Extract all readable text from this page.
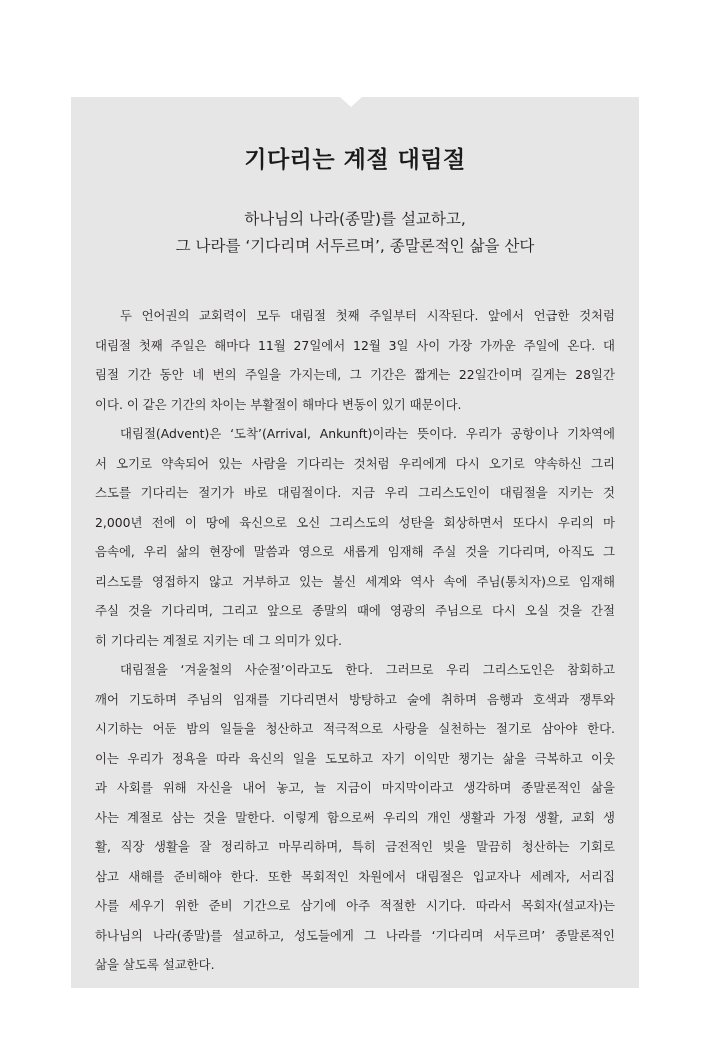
기다리는 계절 대림절
하나님의 나라(종말)를 설교하고,
그 나라를 ‘기다리며 서두르며’, 종말론적인 삶을 산다
두 언어권의 교회력이 모두 대림절 첫째 주일부터 시작된다. 앞에서 언급한 것처럼
대림절 첫째 주일은 해마다 11월 27일에서 12월 3일 사이 가장 가까운 주일에 온다. 대
림절 기간 동안 네 번의 주일을 가지는데, 그 기간은 짧게는 22일간이며 길게는 28일간
이다. 이 같은 기간의 차이는 부활절이 해마다 변동이 있기 때문이다.
대림절(Advent)은 ‘도착’(Arrival, Ankunft)이라는 뜻이다. 우리가 공항이나 기차역에
서 오기로 약속되어 있는 사람을 기다리는 것처럼 우리에게 다시 오기로 약속하신 그리
스도를 기다리는 절기가 바로 대림절이다. 지금 우리 그리스도인이 대림절을 지키는 것
2,000년 전에 이 땅에 육신으로 오신 그리스도의 성탄을 회상하면서 또다시 우리의 마
음속에, 우리 삶의 현장에 말씀과 영으로 새롭게 임재해 주실 것을 기다리며, 아직도 그
리스도를 영접하지 않고 거부하고 있는 불신 세계와 역사 속에 주님(통치자)으로 임재해
주실 것을 기다리며, 그리고 앞으로 종말의 때에 영광의 주님으로 다시 오실 것을 간절
히 기다리는 계절로 지키는 데 그 의미가 있다.
대림절을 ‘겨울철의 사순절’이라고도 한다. 그러므로 우리 그리스도인은 참회하고
깨어 기도하며 주님의 임재를 기다리면서 방탕하고 술에 취하며 음행과 호색과 쟁투와
시기하는 어둔 밤의 일들을 청산하고 적극적으로 사랑을 실천하는 절기로 삼아야 한다.
이는 우리가 정욕을 따라 육신의 일을 도모하고 자기 이익만 챙기는 삶을 극복하고 이웃
과 사회를 위해 자신을 내어 놓고, 늘 지금이 마지막이라고 생각하며 종말론적인 삶을
사는 계절로 삼는 것을 말한다. 이렇게 함으로써 우리의 개인 생활과 가정 생활, 교회 생
활, 직장 생활을 잘 정리하고 마무리하며, 특히 금전적인 빚을 말끔히 청산하는 기회로
삼고 새해를 준비해야 한다. 또한 목회적인 차원에서 대림절은 입교자나 세례자, 서리집
사를 세우기 위한 준비 기간으로 삼기에 아주 적절한 시기다. 따라서 목회자(설교자)는
하나님의 나라(종말)를 설교하고, 성도들에게 그 나라를 ‘기다리며 서두르며’ 종말론적인
삶을 살도록 설교한다.
